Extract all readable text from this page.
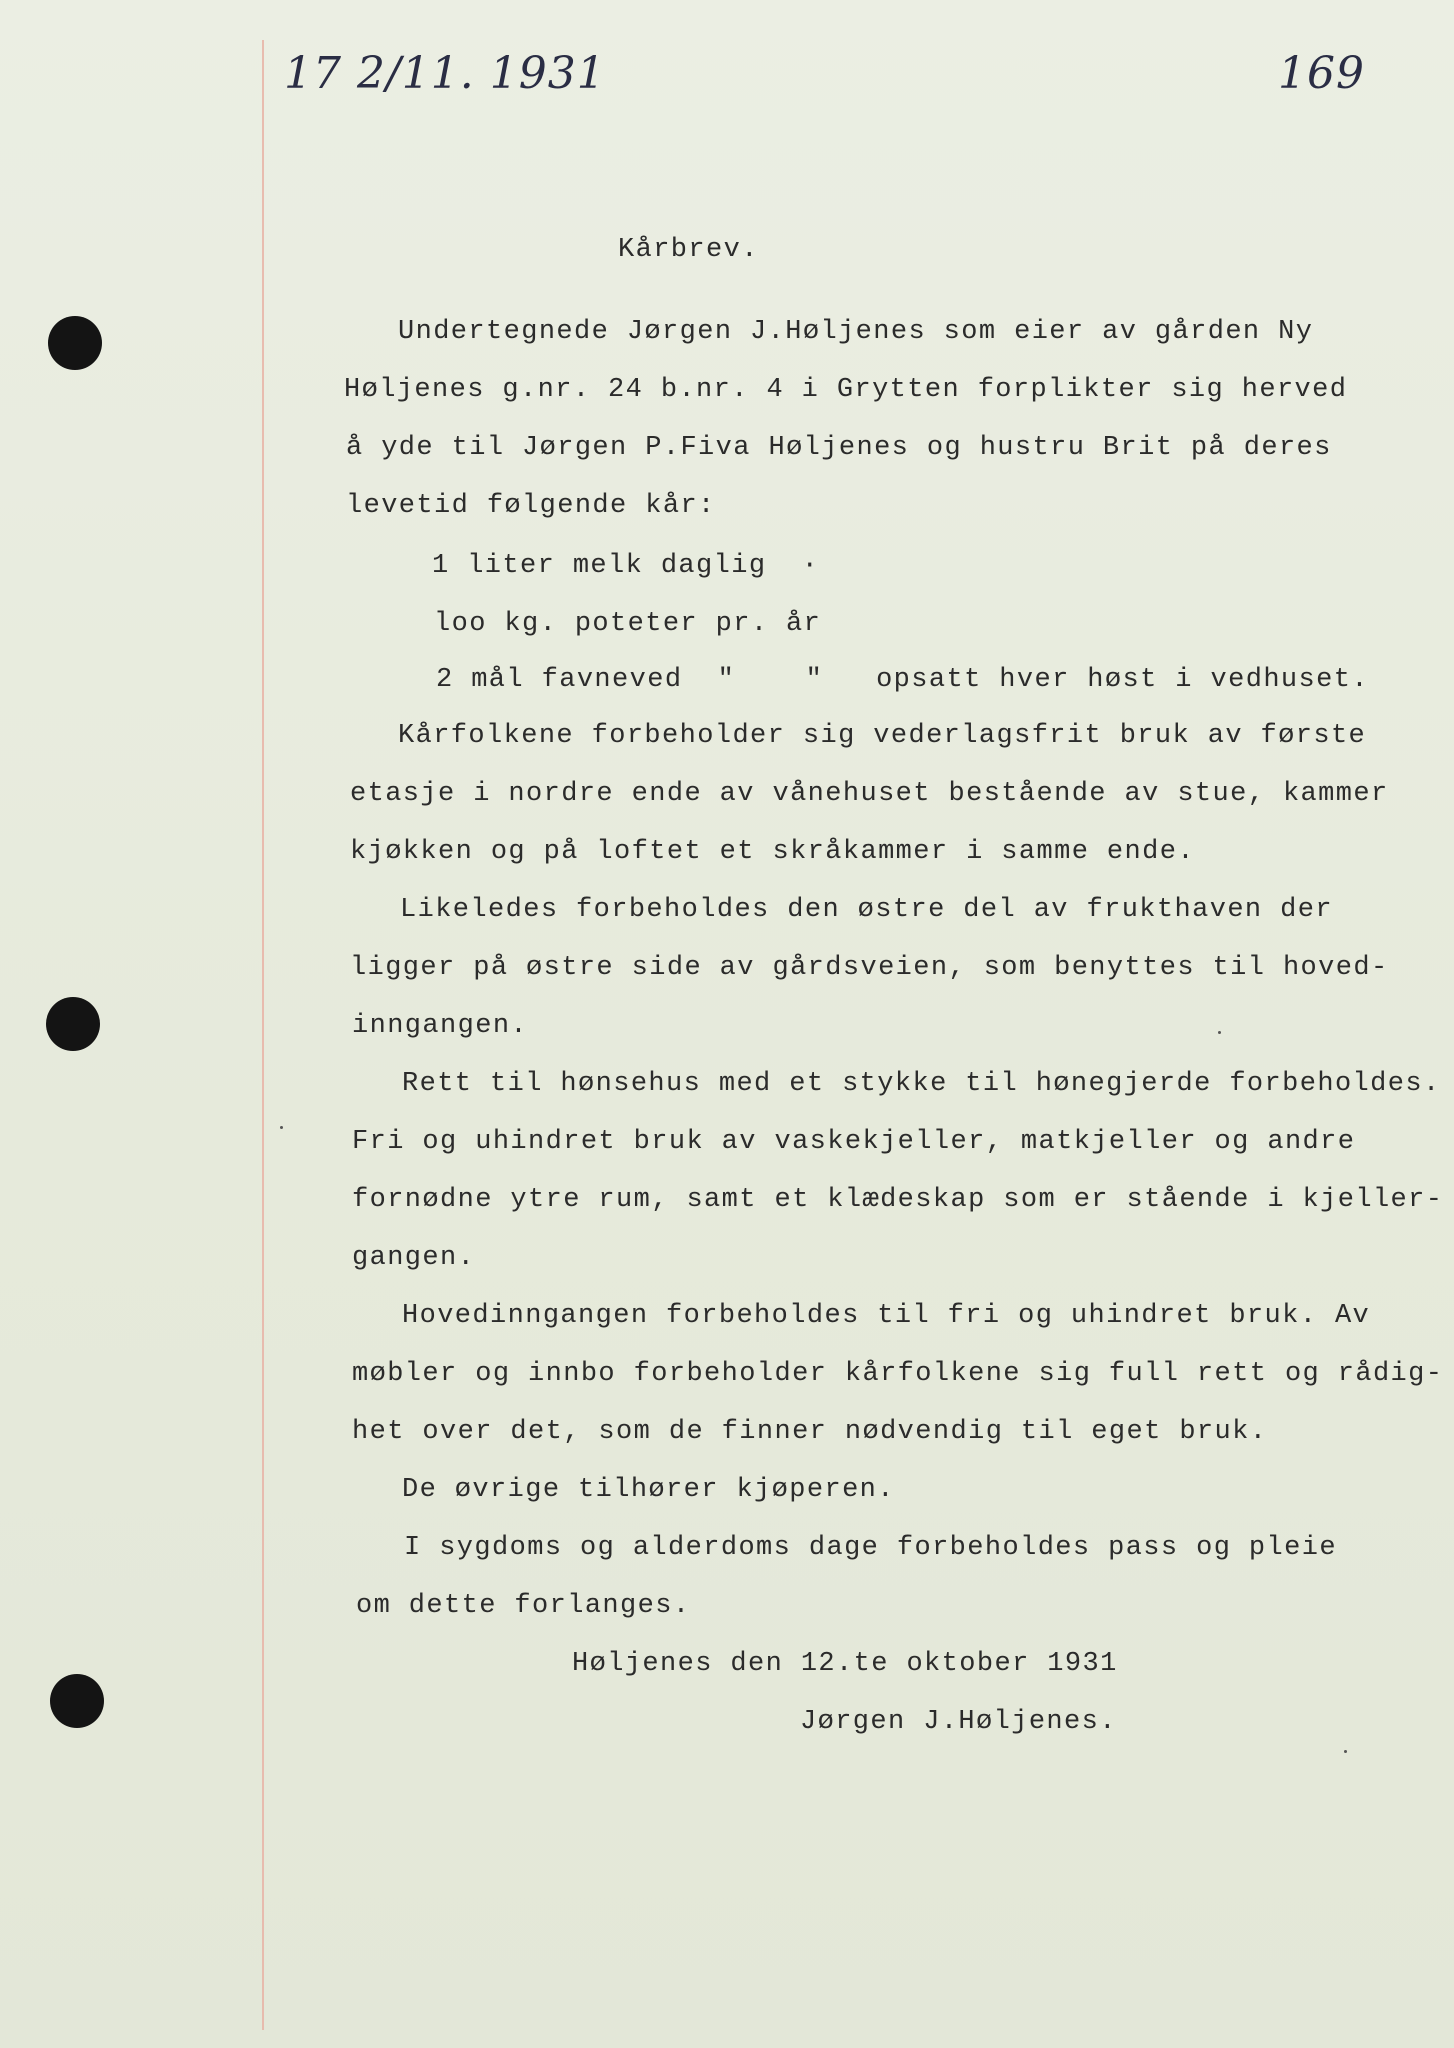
17 2/11. 1931	169
Kårbrev.
Undertegnede Jørgen J.Høljenes som eier av gården Ny
Høljenes g.nr. 24 b.nr. 4 i Grytten forplikter sig herved
å yde til Jørgen P.Fiva Høljenes og hustru Brit på deres
levetid følgende kår:
1 liter melk daglig  ·
loo kg. poteter pr. år
2 mål favneved  "    "   opsatt hver høst i vedhuset.
Kårfolkene forbeholder sig vederlagsfrit bruk av første
etasje i nordre ende av vånehuset bestående av stue, kammer
kjøkken og på loftet et skråkammer i samme ende.
Likeledes forbeholdes den østre del av frukthaven der
ligger på østre side av gårdsveien, som benyttes til hoved-
inngangen.
Rett til hønsehus med et stykke til hønegjerde forbeholdes.
Fri og uhindret bruk av vaskekjeller, matkjeller og andre
fornødne ytre rum, samt et klædeskap som er stående i kjeller-
gangen.
Hovedinngangen forbeholdes til fri og uhindret bruk. Av
møbler og innbo forbeholder kårfolkene sig full rett og rådig-
het over det, som de finner nødvendig til eget bruk.
De øvrige tilhører kjøperen.
I sygdoms og alderdoms dage forbeholdes pass og pleie
om dette forlanges.
Høljenes den 12.te oktober 1931
Jørgen J.Høljenes.
